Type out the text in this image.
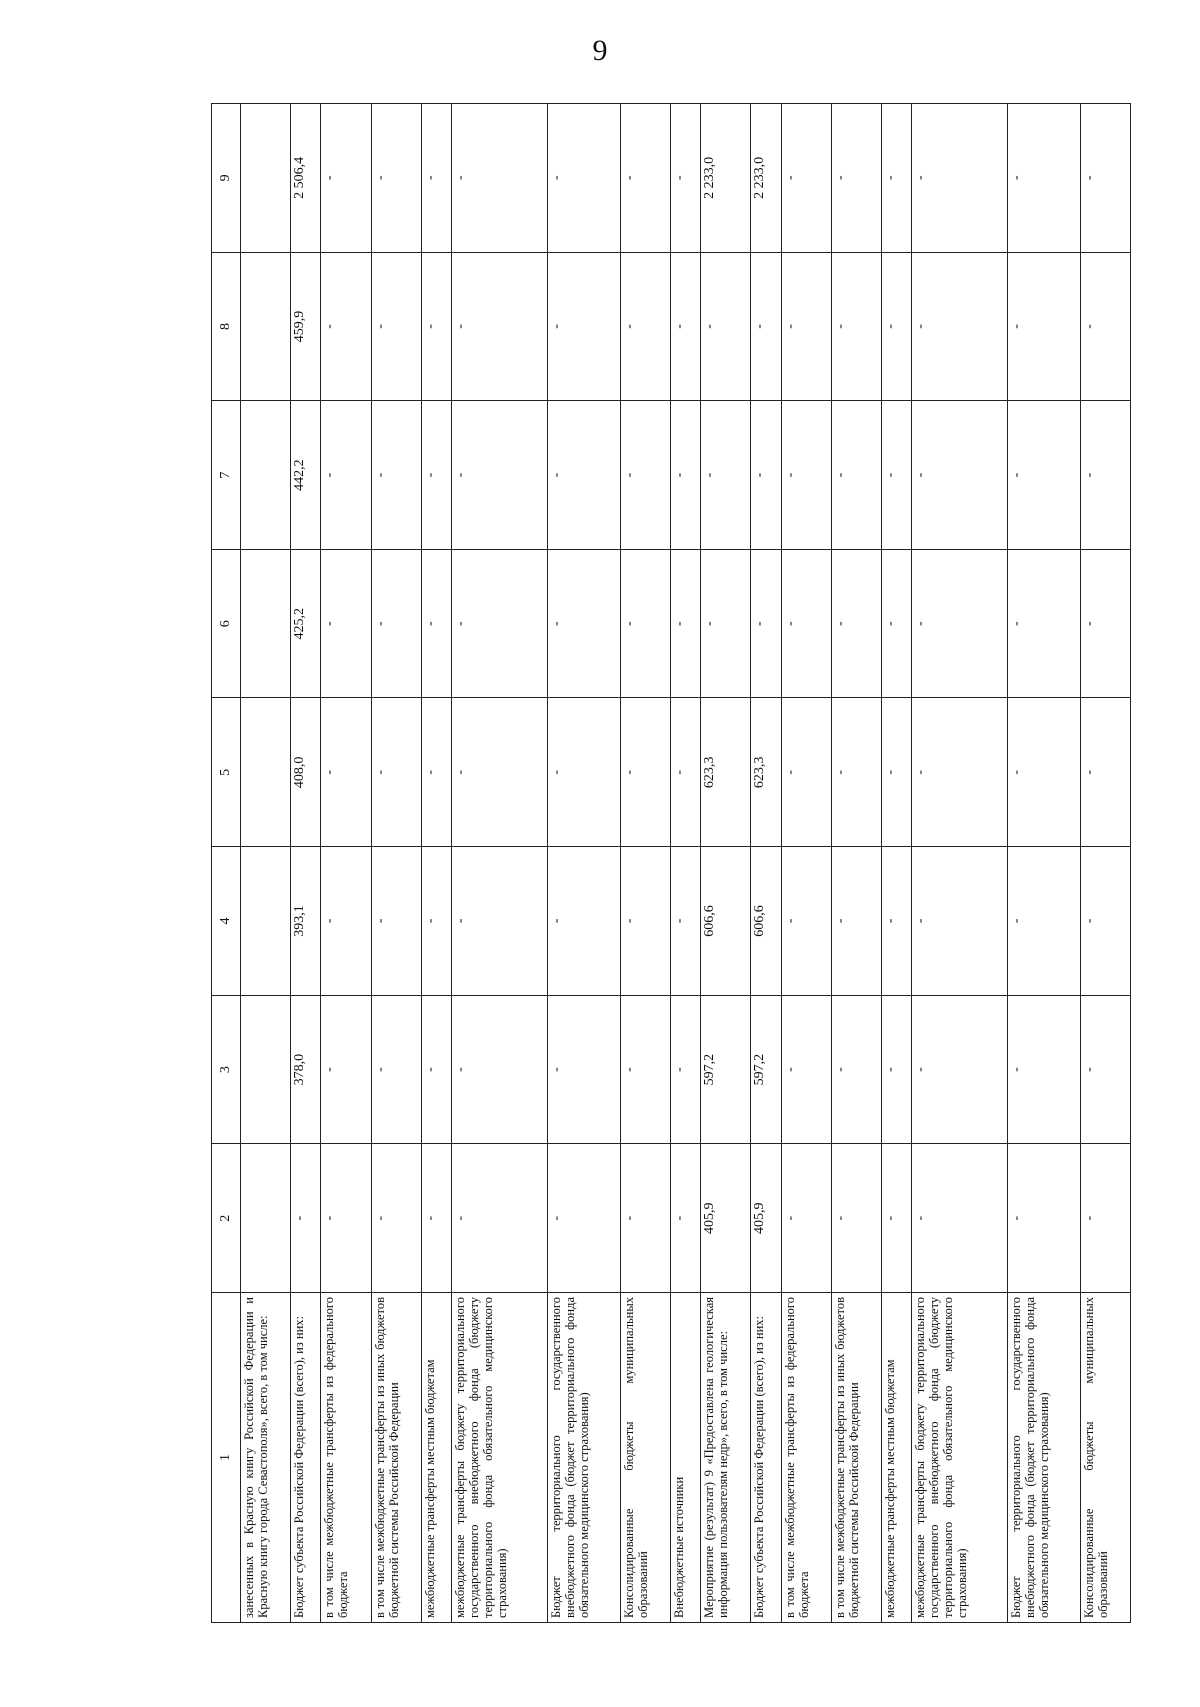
9
1	2	3	4	5	6	7	8	9
занесенных в Красную книгу Российской Федерации и Красную книгу города Севастополя», всего, в том числе:								
Бюджет субъекта Российской Федерации (всего), из них:	-	378,0	393,1	408,0	425,2	442,2	459,9	2 506,4
в том числе межбюджетные трансферты из федерального бюджета	-	-	-	-	-	-	-	-
в том числе межбюджетные трансферты из иных бюджетов бюджетной системы Российской Федерации	-	-	-	-	-	-	-	-
межбюджетные трансферты местным бюджетам	-	-	-	-	-	-	-	-
межбюджетные трансферты бюджету территориального государственного внебюджетного фонда (бюджету территориального фонда обязательного медицинского страхования)	-	-	-	-	-	-	-	-
Бюджет территориального государственного внебюджетного фонда (бюджет территориального фонда обязательного медицинского страхования)	-	-	-	-	-	-	-	-
Консолидированные бюджеты муниципальных образований	-	-	-	-	-	-	-	-
Внебюджетные источники	-	-	-	-	-	-	-	-
Мероприятие (результат) 9 «Предоставлена геологическая информация пользователям недр», всего, в том числе:	405,9	597,2	606,6	623,3	-	-	-	2 233,0
Бюджет субъекта Российской Федерации (всего), из них:	405,9	597,2	606,6	623,3	-	-	-	2 233,0
в том числе межбюджетные трансферты из федерального бюджета	-	-	-	-	-	-	-	-
в том числе межбюджетные трансферты из иных бюджетов бюджетной системы Российской Федерации	-	-	-	-	-	-	-	-
межбюджетные трансферты местным бюджетам	-	-	-	-	-	-	-	-
межбюджетные трансферты бюджету территориального государственного внебюджетного фонда (бюджету территориального фонда обязательного медицинского страхования)	-	-	-	-	-	-	-	-
Бюджет территориального государственного внебюджетного фонда (бюджет территориального фонда обязательного медицинского страхования)	-	-	-	-	-	-	-	-
Консолидированные бюджеты муниципальных образований	-	-	-	-	-	-	-	-
